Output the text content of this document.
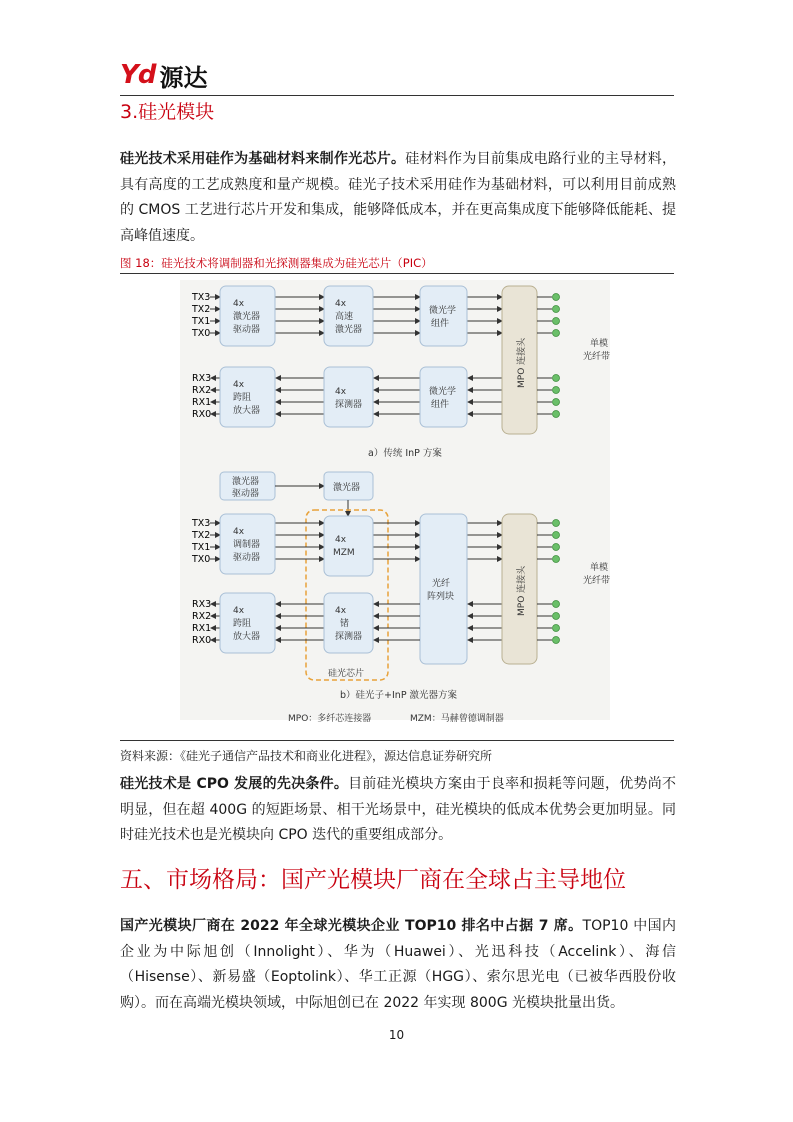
Yd 源达
3.硅光模块
硅光技术采用硅作为基础材料来制作光芯片。硅材料作为目前集成电路行业的主导材料，具有高度的工艺成熟度和量产规模。硅光子技术采用硅作为基础材料，可以利用目前成熟的 CMOS 工艺进行芯片开发和集成，能够降低成本，并在更高集成度下能够降低能耗、提高峰值速度。
图 18：硅光技术将调制器和光探测器集成为硅光芯片（PIC）
TX3
TX2
TX1
TX0
4x
激光器
驱动器
4x
高速
激光器
微光学
组件
RX3
RX2
RX1
RX0
4x
跨阻
放大器
4x
探测器
微光学
组件
MPO 连接头	单模
光纤带
a）传统 InP 方案
激光器
驱动器
激光器
硅光芯片
TX3
TX2
TX1
TX0
4x
调制器
驱动器
4x
MZM
光纤
阵列块
RX3
RX2
RX1
RX0
4x
跨阻
放大器
4x
锗
探测器
MPO 连接头	单模
光纤带
b）硅光子+InP 激光器方案
MPO：多纤芯连接器	MZM：马赫曾德调制器
资料来源：《硅光子通信产品技术和商业化进程》，源达信息证券研究所
硅光技术是 CPO 发展的先决条件。目前硅光模块方案由于良率和损耗等问题，优势尚不明显，但在超 400G 的短距场景、相干光场景中，硅光模块的低成本优势会更加明显。同时硅光技术也是光模块向 CPO 迭代的重要组成部分。
五、市场格局：国产光模块厂商在全球占主导地位
国产光模块厂商在 2022 年全球光模块企业 TOP10 排名中占据 7 席。TOP10 中国内企业为中际旭创（Innolight）、华为（Huawei）、光迅科技（Accelink）、海信（Hisense）、新易盛（Eoptolink）、华工正源（HGG）、索尔思光电（已被华西股份收购）。而在高端光模块领域，中际旭创已在 2022 年实现 800G 光模块批量出货。
10
